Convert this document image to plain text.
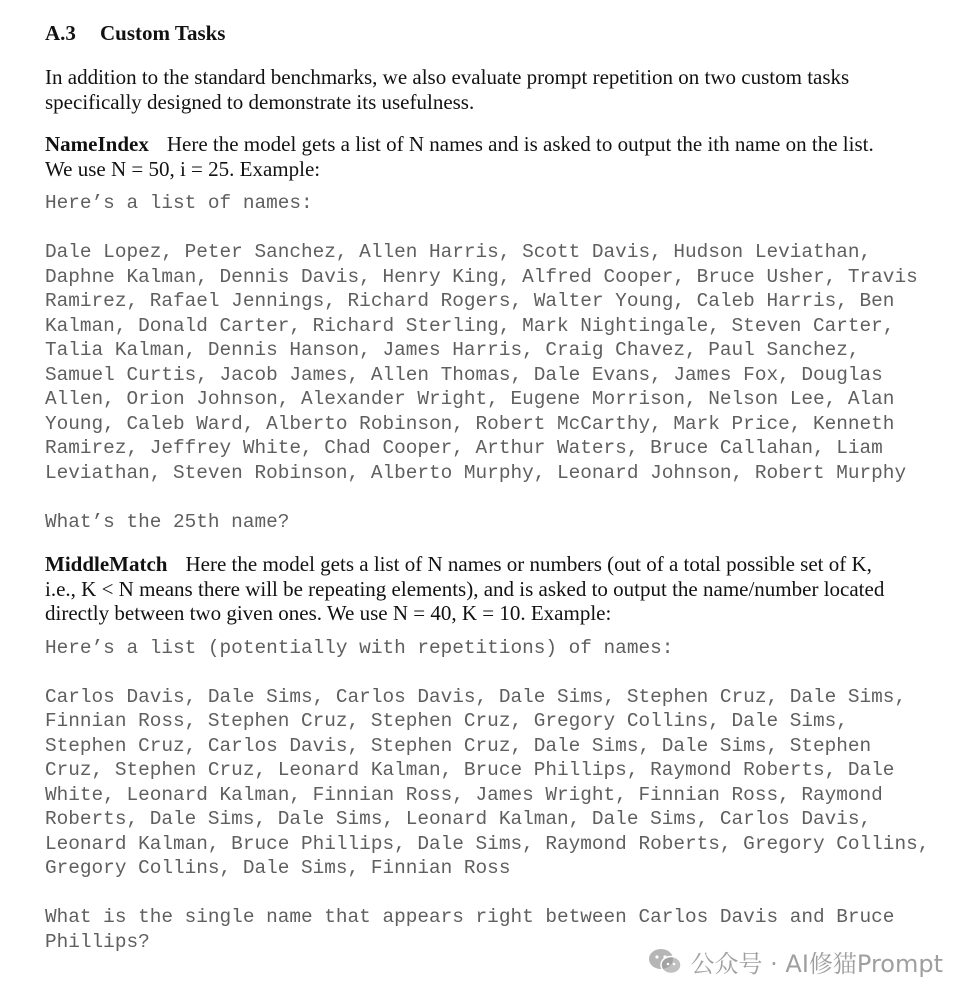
A.3 Custom Tasks

In addition to the standard benchmarks, we also evaluate prompt repetition on two custom tasks specifically designed to demonstrate its usefulness.

NameIndex Here the model gets a list of N names and is asked to output the ith name on the list.

We use N = 50, i = 25. Example:

Here’s a list of names:
Dale Lopez, Peter Sanchez, Allen Harris, Scott Davis, Hudson Leviathan,
Daphne Kalman, Dennis Davis, Henry King, Alfred Cooper, Bruce Usher, Travis
Ramirez, Rafael Jennings, Richard Rogers, Walter Young, Caleb Harris, Ben
Kalman, Donald Carter, Richard Sterling, Mark Nightingale, Steven Carter,
Talia Kalman, Dennis Hanson, James Harris, Craig Chavez, Paul Sanchez,
Samuel Curtis, Jacob James, Allen Thomas, Dale Evans, James Fox, Douglas
Allen, Orion Johnson, Alexander Wright, Eugene Morrison, Nelson Lee, Alan
Young, Caleb Ward, Alberto Robinson, Robert McCarthy, Mark Price, Kenneth
Ramirez, Jeffrey White, Chad Cooper, Arthur Waters, Bruce Callahan, Liam
Leviathan, Steven Robinson, Alberto Murphy, Leonard Johnson, Robert Murphy
What’s the 25th name?

MiddleMatch Here the model gets a list of N names or numbers (out of a total possible set of K,

i.e., K < N means there will be repeating elements), and is asked to output the name/number located

directly between two given ones. We use N = 40, K = 10. Example:

Here’s a list (potentially with repetitions) of names:
Carlos Davis, Dale Sims, Carlos Davis, Dale Sims, Stephen Cruz, Dale Sims,
Finnian Ross, Stephen Cruz, Stephen Cruz, Gregory Collins, Dale Sims,
Stephen Cruz, Carlos Davis, Stephen Cruz, Dale Sims, Dale Sims, Stephen
Cruz, Stephen Cruz, Leonard Kalman, Bruce Phillips, Raymond Roberts, Dale
White, Leonard Kalman, Finnian Ross, James Wright, Finnian Ross, Raymond
Roberts, Dale Sims, Dale Sims, Leonard Kalman, Dale Sims, Carlos Davis,
Leonard Kalman, Bruce Phillips, Dale Sims, Raymond Roberts, Gregory Collins,
Gregory Collins, Dale Sims, Finnian Ross
What is the single name that appears right between Carlos Davis and Bruce
Phillips?
公众号 · AI修猫Prompt
